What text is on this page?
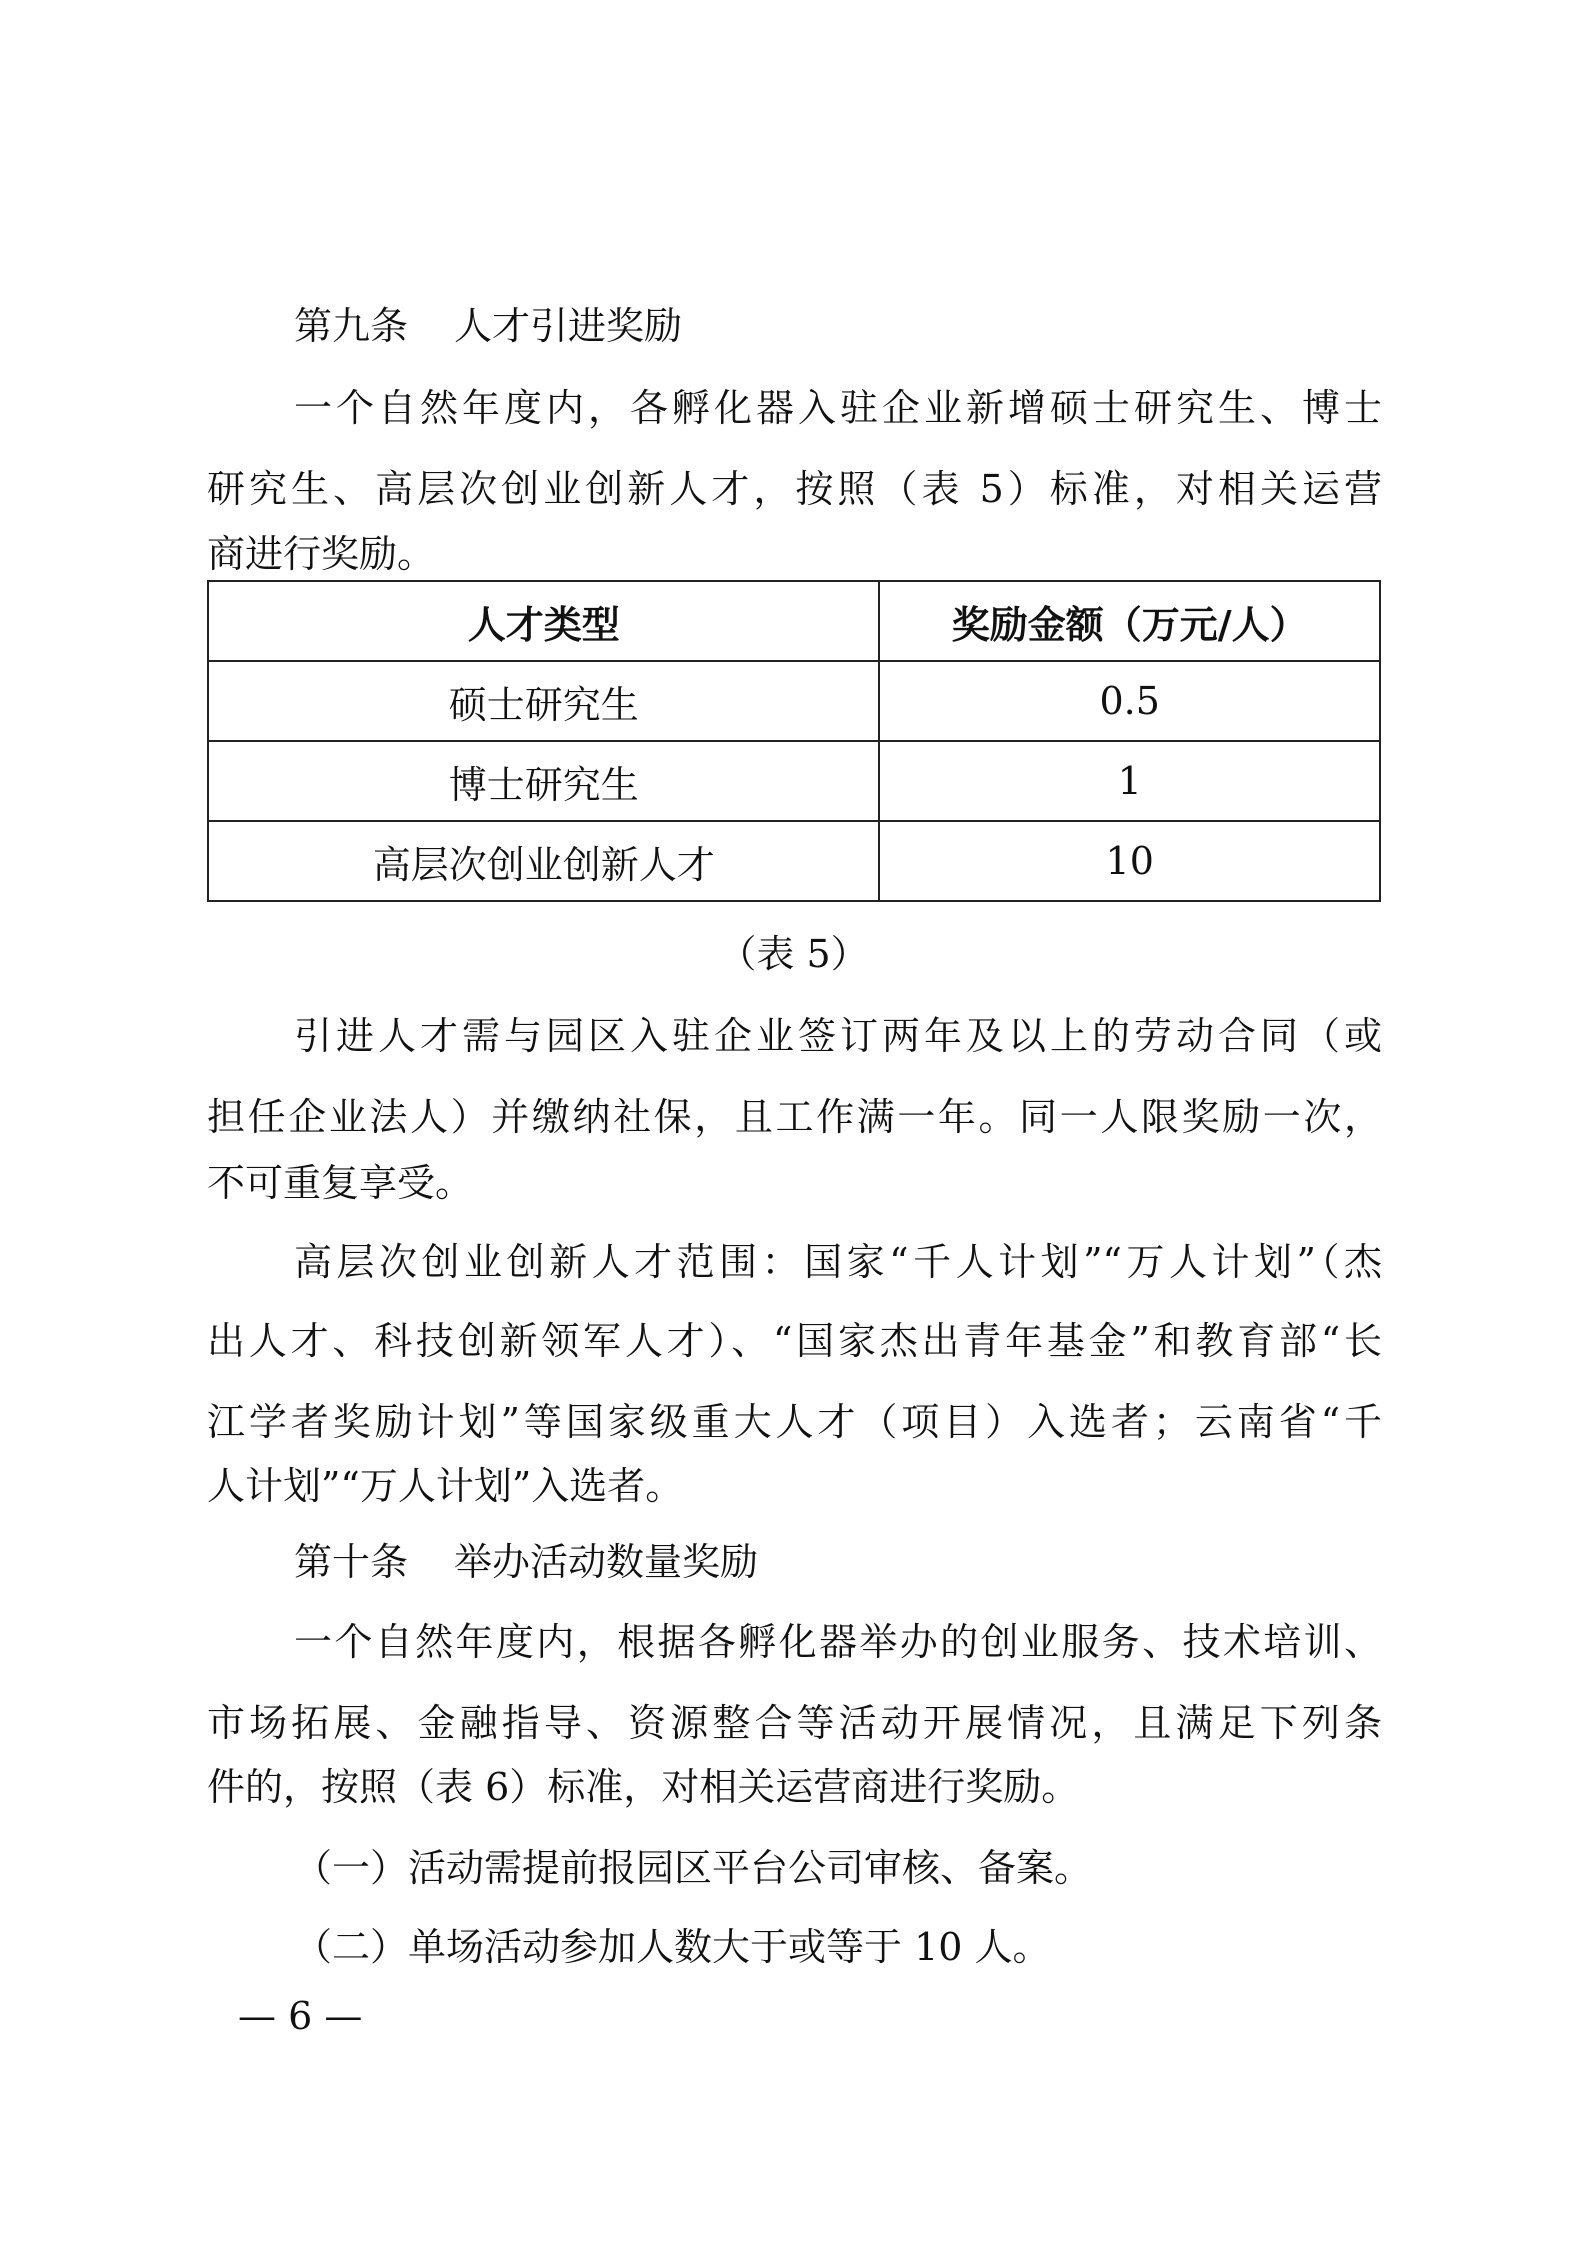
第九条 人才引进奖励
一个自然年度内，各孵化器入驻企业新增硕士研究生、博士
研究生、高层次创业创新人才，按照（表 5）标准，对相关运营
商进行奖励。
人才类型	奖励金额（万元/人）
硕士研究生	0.5
博士研究生	1
高层次创业创新人才	10
（表 5）
引进人才需与园区入驻企业签订两年及以上的劳动合同（或
担任企业法人）并缴纳社保，且工作满一年。同一人限奖励一次，
不可重复享受。
高层次创业创新人才范围：国家“千人计划”“万人计划”（杰
出人才、科技创新领军人才）、“国家杰出青年基金”和教育部“长
江学者奖励计划”等国家级重大人才（项目）入选者；云南省“千
人计划”“万人计划”入选者。
第十条 举办活动数量奖励
一个自然年度内，根据各孵化器举办的创业服务、技术培训、
市场拓展、金融指导、资源整合等活动开展情况，且满足下列条
件的，按照（表 6）标准，对相关运营商进行奖励。
（一）活动需提前报园区平台公司审核、备案。
（二）单场活动参加人数大于或等于 10 人。
— 6 —
